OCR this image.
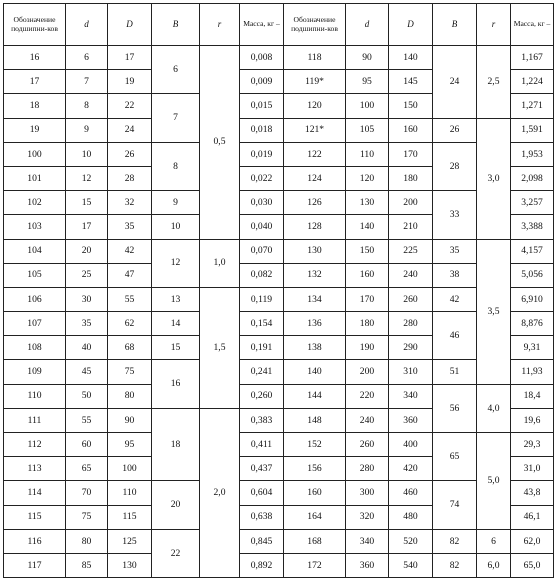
Обозначение подшипни-ков	d	D	B	r	Масса, кг –	Обозначение подшипни-ков	d	D	B	r	Масса, кг –
16	6	17	6	0,5	0,008	118	90	140	24	2,5	1,167
17	7	19			0,009	119*	95	145			1,224
18	8	22	7		0,015	120	100	150			1,271
19	9	24			0,018	121*	105	160	26	3,0	1,591
100	10	26	8		0,019	122	110	170	28		1,953
101	12	28			0,022	124	120	180			2,098
102	15	32	9		0,030	126	130	200	33		3,257
103	17	35	10		0,040	128	140	210			3,388
104	20	42	12	1,0	0,070	130	150	225	35	3,5	4,157
105	25	47			0,082	132	160	240	38		5,056
106	30	55	13	1,5	0,119	134	170	260	42		6,910
107	35	62	14		0,154	136	180	280	46		8,876
108	40	68	15		0,191	138	190	290			9,31
109	45	75	16		0,241	140	200	310	51		11,93
110	50	80			0,260	144	220	340	56	4,0	18,4
111	55	90	18	2,0	0,383	148	240	360			19,6
112	60	95			0,411	152	260	400	65	5,0	29,3
113	65	100			0,437	156	280	420			31,0
114	70	110	20		0,604	160	300	460	74		43,8
115	75	115			0,638	164	320	480			46,1
116	80	125	22		0,845	168	340	520	82	6	62,0
117	85	130			0,892	172	360	540	82	6,0	65,0
